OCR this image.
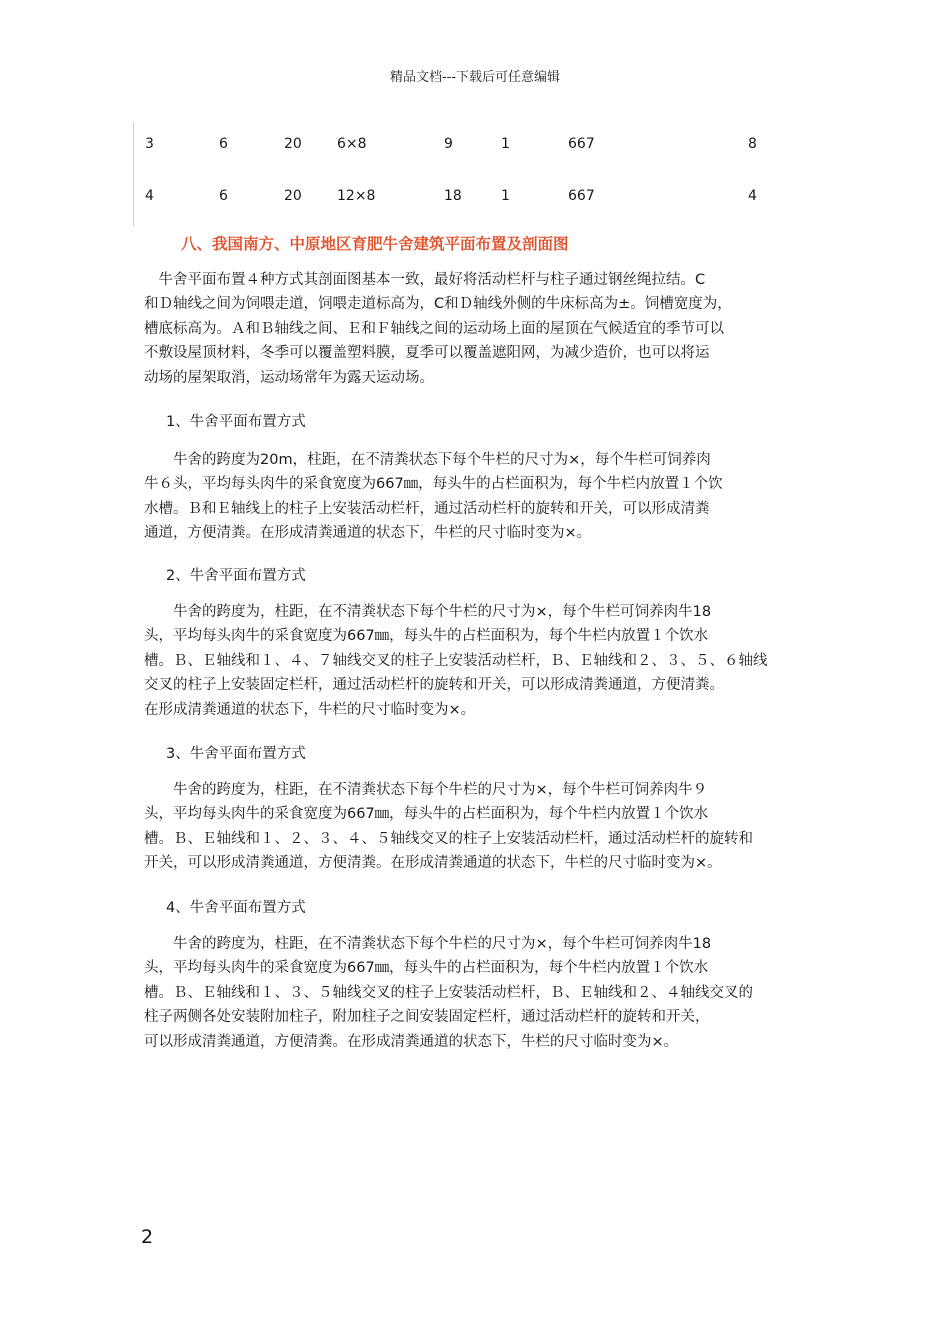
精品文档---下载后可任意编辑
3	6	20	6×8	9	1	667	8
4	6	20	12×8	18	1	667	4
八、我国南方、中原地区育肥牛舍建筑平面布置及剖面图

　牛舍平面布置４种方式其剖面图基本一致，最好将活动栏杆与柱子通过钢丝绳拉结。C
和Ｄ轴线之间为饲喂走道，饲喂走道标高为，C和Ｄ轴线外侧的牛床标高为±。饲槽宽度为，
槽底标高为。Ａ和Ｂ轴线之间、Ｅ和Ｆ轴线之间的运动场上面的屋顶在气候适宜的季节可以
不敷设屋顶材料，冬季可以覆盖塑料膜，夏季可以覆盖遮阳网，为减少造价，也可以将运
动场的屋架取消，运动场常年为露天运动场。

1、牛舍平面布置方式

　　牛舍的跨度为20m，柱距，在不清粪状态下每个牛栏的尺寸为×，每个牛栏可饲养肉
牛６头，平均每头肉牛的采食宽度为667㎜，每头牛的占栏面积为，每个牛栏内放置１个饮
水槽。Ｂ和Ｅ轴线上的柱子上安装活动栏杆，通过活动栏杆的旋转和开关，可以形成清粪
通道，方便清粪。在形成清粪通道的状态下，牛栏的尺寸临时变为×。

2、牛舍平面布置方式

　　牛舍的跨度为，柱距，在不清粪状态下每个牛栏的尺寸为×，每个牛栏可饲养肉牛18
头，平均每头肉牛的采食宽度为667㎜，每头牛的占栏面积为，每个牛栏内放置１个饮水
槽。Ｂ、Ｅ轴线和１、４、７轴线交叉的柱子上安装活动栏杆，Ｂ、Ｅ轴线和２、３、５、６轴线
交叉的柱子上安装固定栏杆，通过活动栏杆的旋转和开关，可以形成清粪通道，方便清粪。
在形成清粪通道的状态下，牛栏的尺寸临时变为×。

3、牛舍平面布置方式

　　牛舍的跨度为，柱距，在不清粪状态下每个牛栏的尺寸为×，每个牛栏可饲养肉牛９
头，平均每头肉牛的采食宽度为667㎜，每头牛的占栏面积为，每个牛栏内放置１个饮水
槽。Ｂ、Ｅ轴线和１、２、３、４、５轴线交叉的柱子上安装活动栏杆，通过活动栏杆的旋转和
开关，可以形成清粪通道，方便清粪。在形成清粪通道的状态下，牛栏的尺寸临时变为×。

4、牛舍平面布置方式

　　牛舍的跨度为，柱距，在不清粪状态下每个牛栏的尺寸为×，每个牛栏可饲养肉牛18
头，平均每头肉牛的采食宽度为667㎜，每头牛的占栏面积为，每个牛栏内放置１个饮水
槽。Ｂ、Ｅ轴线和１、３、５轴线交叉的柱子上安装活动栏杆，Ｂ、Ｅ轴线和２、４轴线交叉的
柱子两侧各处安装附加柱子，附加柱子之间安装固定栏杆，通过活动栏杆的旋转和开关，
可以形成清粪通道，方便清粪。在形成清粪通道的状态下，牛栏的尺寸临时变为×。

2
